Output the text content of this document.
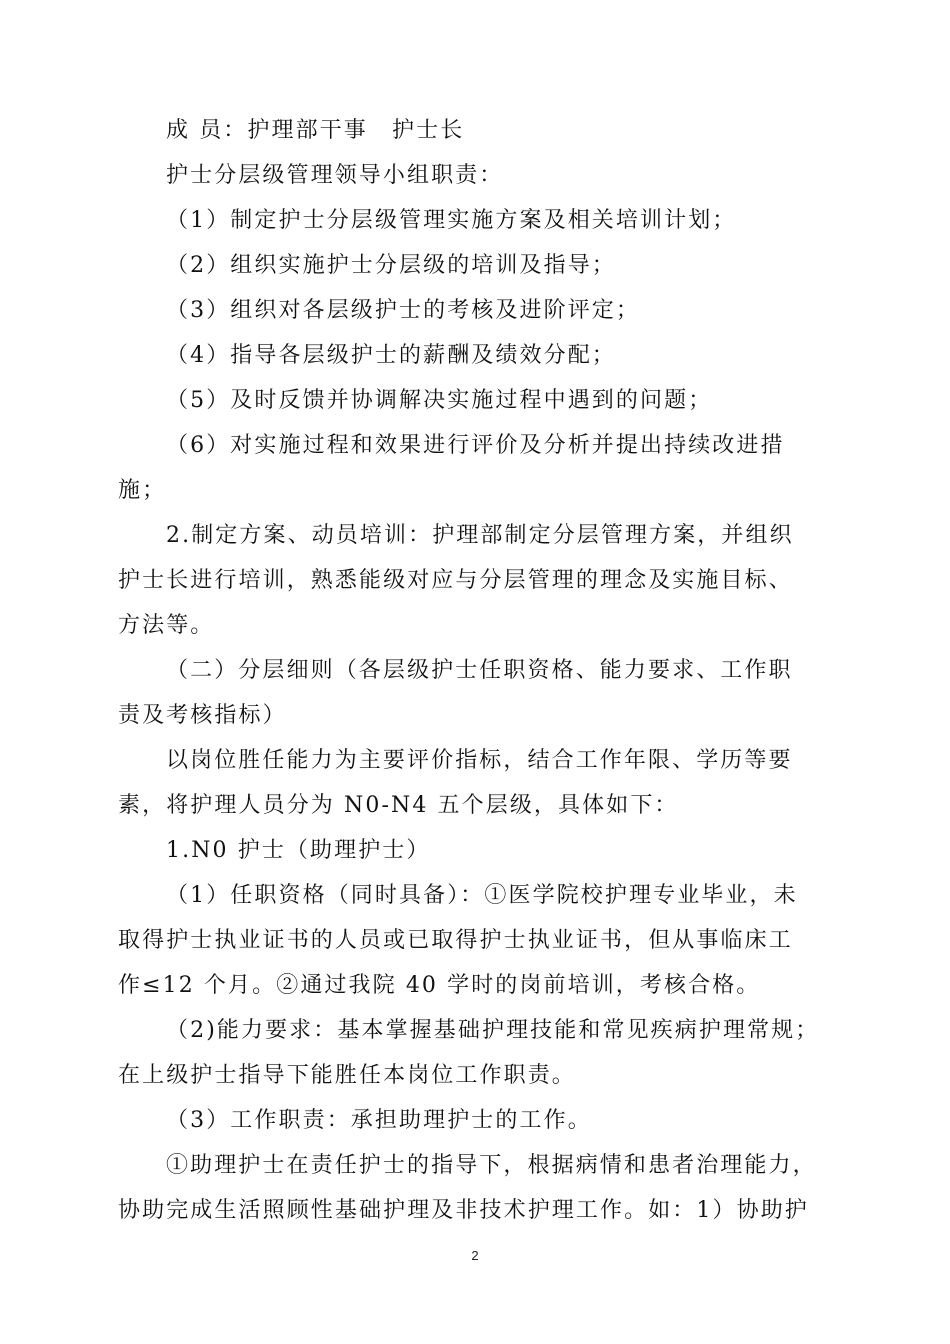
成 员：护理部干事　护士长
护士分层级管理领导小组职责：
（1）制定护士分层级管理实施方案及相关培训计划；
（2）组织实施护士分层级的培训及指导；
（3）组织对各层级护士的考核及进阶评定；
（4）指导各层级护士的薪酬及绩效分配；
（5）及时反馈并协调解决实施过程中遇到的问题；
（6）对实施过程和效果进行评价及分析并提出持续改进措
施；
2.制定方案、动员培训：护理部制定分层管理方案，并组织
护士长进行培训，熟悉能级对应与分层管理的理念及实施目标、
方法等。
（二）分层细则（各层级护士任职资格、能力要求、工作职
责及考核指标）
以岗位胜任能力为主要评价指标，结合工作年限、学历等要
素，将护理人员分为 N0-N4 五个层级，具体如下：
1.N0 护士（助理护士）
（1）任职资格（同时具备）：①医学院校护理专业毕业，未
取得护士执业证书的人员或已取得护士执业证书，但从事临床工
作≤12 个月。②通过我院 40 学时的岗前培训，考核合格。
（2)能力要求：基本掌握基础护理技能和常见疾病护理常规；
在上级护士指导下能胜任本岗位工作职责。
（3）工作职责：承担助理护士的工作。
①助理护士在责任护士的指导下，根据病情和患者治理能力，
协助完成生活照顾性基础护理及非技术护理工作。如：1）协助护
2
